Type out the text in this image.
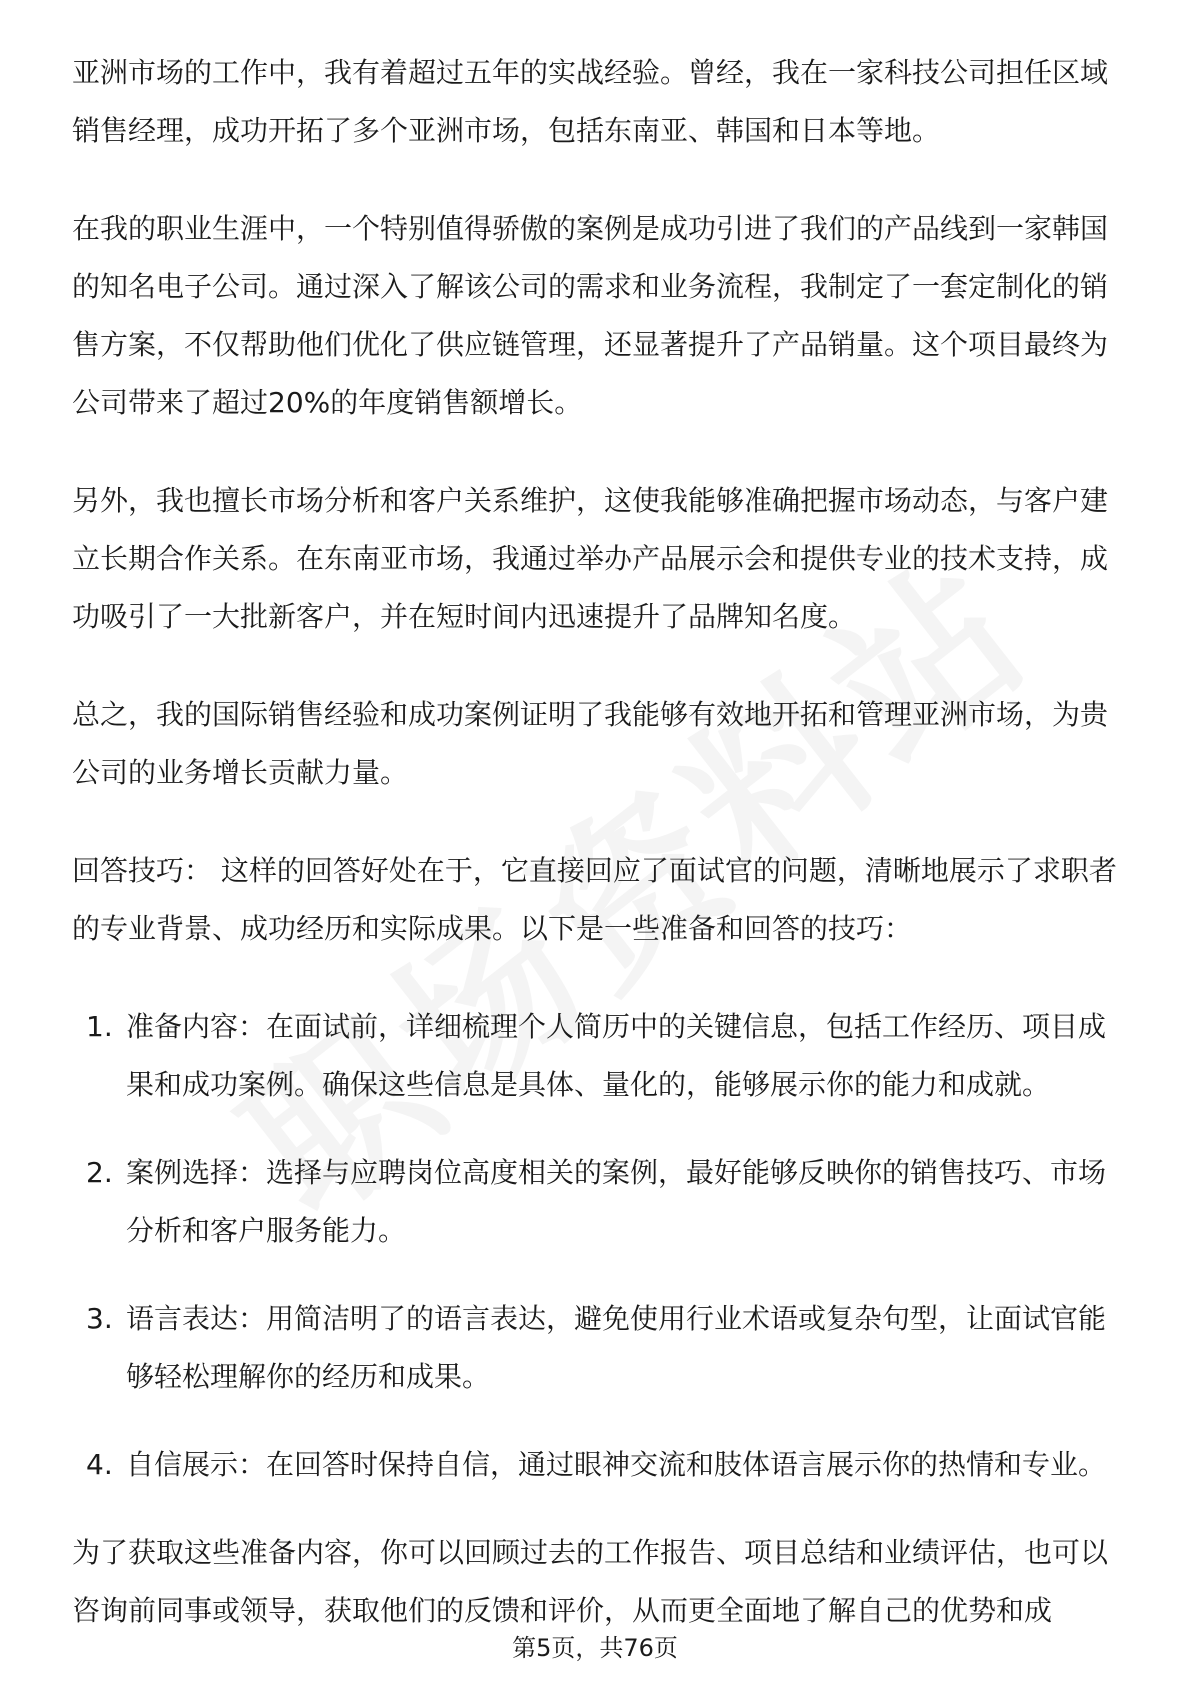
亚洲市场的工作中，我有着超过五年的实战经验。曾经，我在一家科技公司担任区域销售经理，成功开拓了多个亚洲市场，包括东南亚、韩国和日本等地。

在我的职业生涯中，一个特别值得骄傲的案例是成功引进了我们的产品线到一家韩国的知名电子公司。通过深入了解该公司的需求和业务流程，我制定了一套定制化的销售方案，不仅帮助他们优化了供应链管理，还显著提升了产品销量。这个项目最终为公司带来了超过20%的年度销售额增长。

另外，我也擅长市场分析和客户关系维护，这使我能够准确把握市场动态，与客户建立长期合作关系。在东南亚市场，我通过举办产品展示会和提供专业的技术支持，成功吸引了一大批新客户，并在短时间内迅速提升了品牌知名度。

总之，我的国际销售经验和成功案例证明了我能够有效地开拓和管理亚洲市场，为贵公司的业务增长贡献力量。

回答技巧： 这样的回答好处在于，它直接回应了面试官的问题，清晰地展示了求职者的专业背景、成功经历和实际成果。以下是一些准备和回答的技巧：

1. 准备内容：在面试前，详细梳理个人简历中的关键信息，包括工作经历、项目成果和成功案例。确保这些信息是具体、量化的，能够展示你的能力和成就。
2. 案例选择：选择与应聘岗位高度相关的案例，最好能够反映你的销售技巧、市场分析和客户服务能力。
3. 语言表达：用简洁明了的语言表达，避免使用行业术语或复杂句型，让面试官能够轻松理解你的经历和成果。
4. 自信展示：在回答时保持自信，通过眼神交流和肢体语言展示你的热情和专业。

为了获取这些准备内容，你可以回顾过去的工作报告、项目总结和业绩评估，也可以咨询前同事或领导，获取他们的反馈和评价，从而更全面地了解自己的优势和成

第5页，共76页
